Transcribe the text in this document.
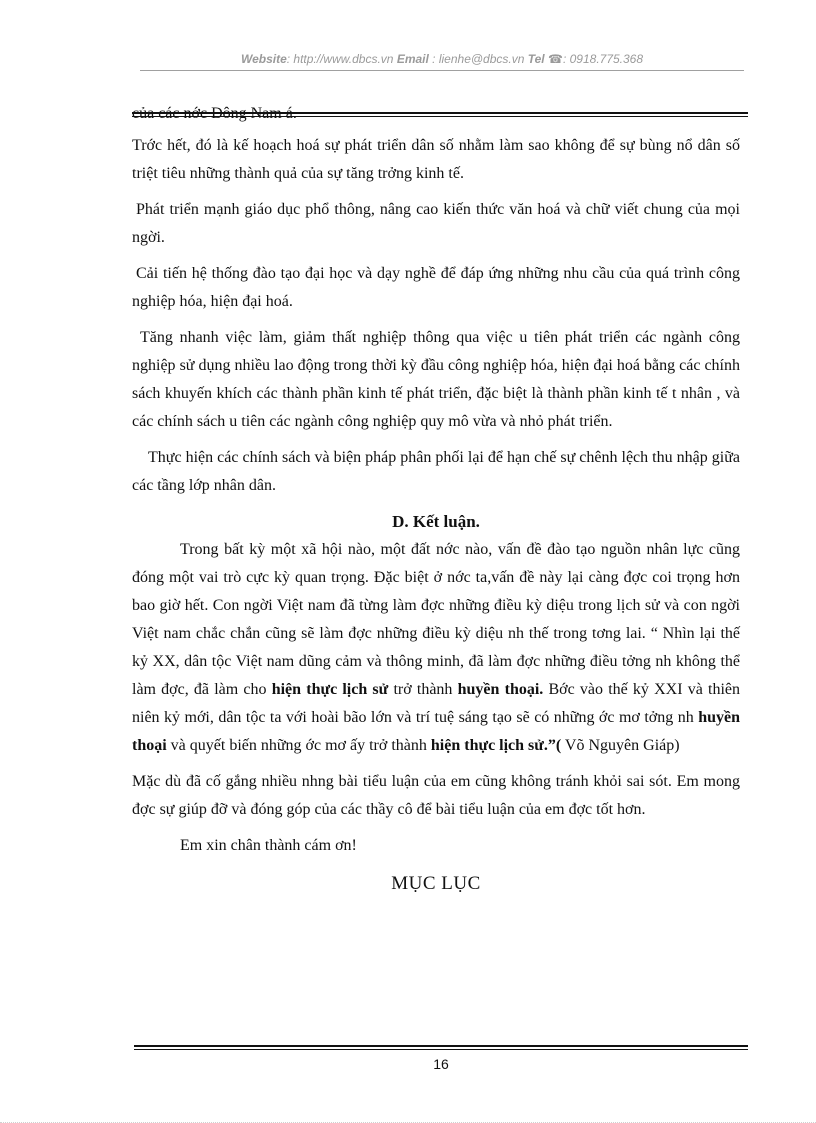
Website: http://www.dbcs.vn Email : lienhe@dbcs.vn Tel ☎: 0918.775.368

Trớc hết, đó là kế hoạch hoá sự phát triển dân số nhằm làm sao không để sự bùng nổ dân số triệt tiêu những thành quả của sự tăng trởng kinh tế.

Phát triển mạnh giáo dục phổ thông, nâng cao kiến thức văn hoá và chữ viết chung của mọi ngời.

Cải tiến hệ thống đào tạo đại học và dạy nghề để đáp ứng những nhu cầu của quá trình công nghiệp hóa, hiện đại hoá.

Tăng nhanh việc làm, giảm thất nghiệp thông qua việc u tiên phát triển các ngành công nghiệp sử dụng nhiều lao động trong thời kỳ đầu công nghiệp hóa, hiện đại hoá bằng các chính sách khuyến khích các thành phần kinh tế phát triển, đặc biệt là thành phần kinh tế t nhân , và các chính sách u tiên các ngành công nghiệp quy mô vừa và nhỏ phát triển.

Thực hiện các chính sách và biện pháp phân phối lại để hạn chế sự chênh lệch thu nhập giữa các tầng lớp nhân dân.

D. Kết luận.

Trong bất kỳ một xã hội nào, một đất nớc nào, vấn đề đào tạo nguồn nhân lực cũng đóng một vai trò cực kỳ quan trọng. Đặc biệt ở nớc ta,vấn đề này lại càng đợc coi trọng hơn bao giờ hết. Con ngời Việt nam đã từng làm đợc những điều kỳ diệu trong lịch sử và con ngời Việt nam chắc chắn cũng sẽ làm đợc những điều kỳ diệu nh thế trong tơng lai. “ Nhìn lại thế kỷ XX, dân tộc Việt nam dũng cảm và thông minh, đã làm đợc những điều tởng nh không thể làm đợc, đã làm cho hiện thực lịch sử trở thành huyền thoại. Bớc vào thế kỷ XXI và thiên niên kỷ mới, dân tộc ta với hoài bão lớn và trí tuệ sáng tạo sẽ có những ớc mơ tởng nh huyền thoại và quyết biến những ớc mơ ấy trở thành hiện thực lịch sử.”( Võ Nguyên Giáp)

Mặc dù đã cố gắng nhiều nhng bài tiểu luận của em cũng không tránh khỏi sai sót. Em mong đợc sự giúp đỡ và đóng góp của các thầy cô để bài tiểu luận của em đợc tốt hơn.

Em xin chân thành cám ơn!

MỤC LỤC

16
